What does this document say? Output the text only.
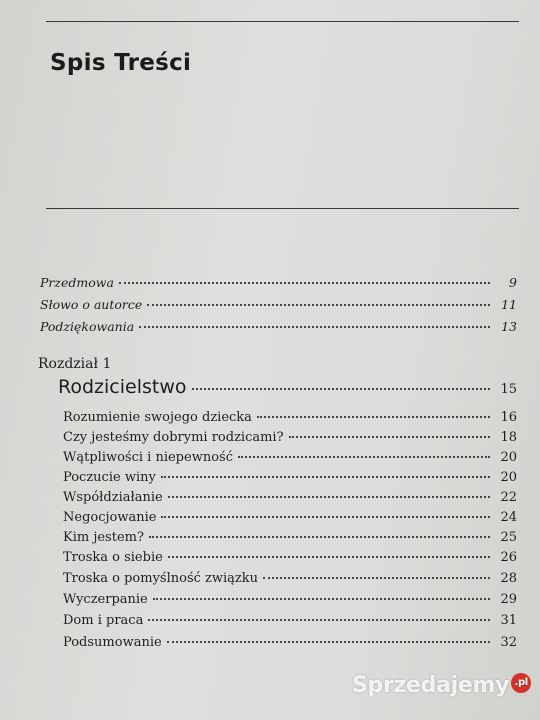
Spis Treści
Przedmowa	9
Słowo o autorce	11
Podziękowania	13
Rozdział 1
Rodzicielstwo	15
Rozumienie swojego dziecka	16
Czy jesteśmy dobrymi rodzicami?	18
Wątpliwości i niepewność	20
Poczucie winy	20
Współdziałanie	22
Negocjowanie	24
Kim jestem?	25
Troska o siebie	26
Troska o pomyślność związku	28
Wyczerpanie	29
Dom i praca	31
Podsumowanie	32
Sprzedajemy .pl
